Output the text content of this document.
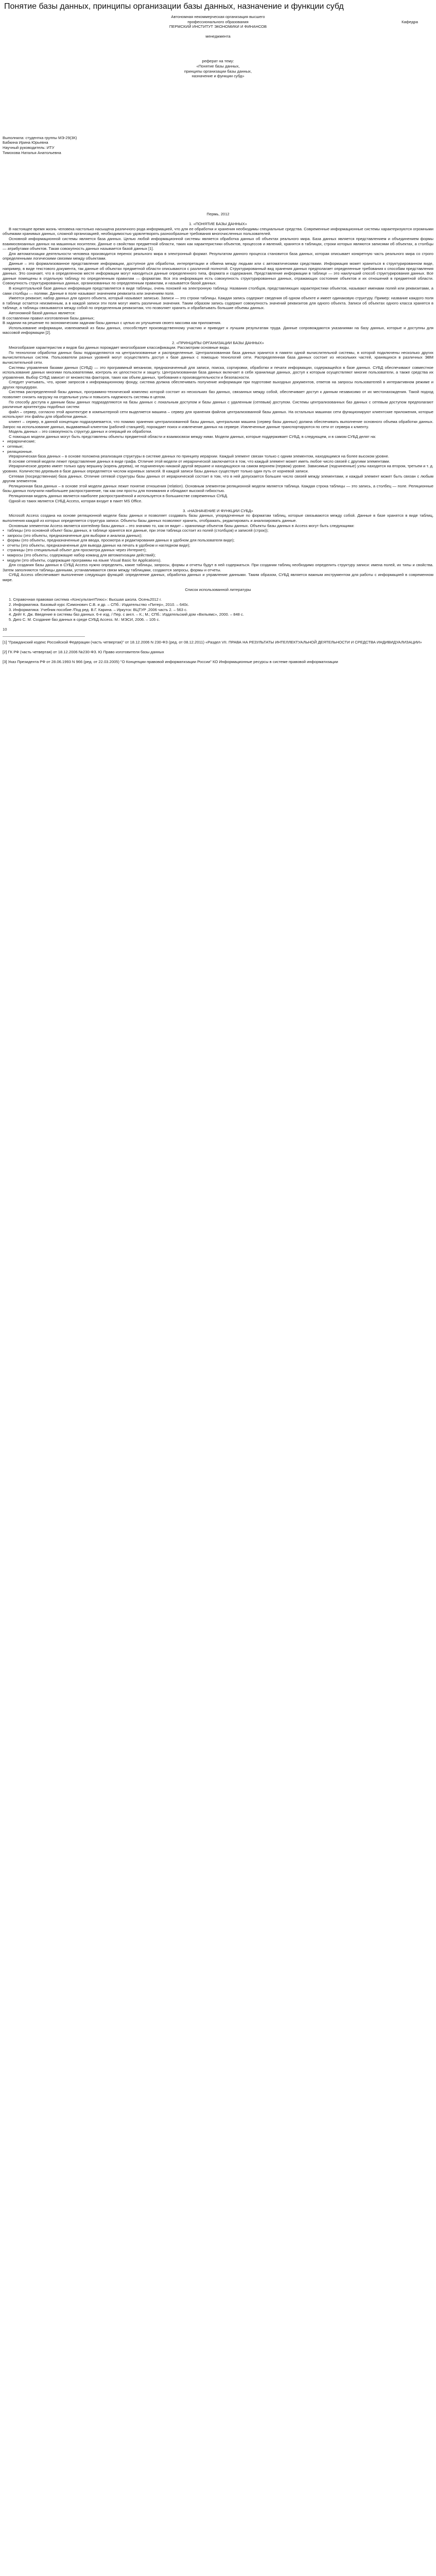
Понятие базы данных, принципы организации базы данных, назначение и функции субд

Автономная некоммерческая организация высшего

профессионального образования	Кафедра

ПЕРМСКИЙ ИНСТИТУТ ЭКОНОМИКИ И ФИНАНСОВ

менеджмента

реферат на тему:

«Понятие базы данных,

принципы организации базы данных,

назначение и функции субд»

Выполнила: студентка группы МЭ-29(3К)

Бабкина Ирина Юрьевна

Научный руководитель: ИТУ

Тимохова Наталья Анатольевна

Пермь, 2012

1. «ПОНЯТИЕ БАЗЫ ДАННЫХ»

В настоящее время жизнь человека настолько насыщена различного рода информацией, что для ее обработки и хранения необходимы специальные средства. Современные информационные системы характеризуются огромными объемами хранимых данных, сложной организацией, необходимостью удовлетворять разнообразные требования многочисленных пользователей.

Основной информационной системы является база данных. Целью любой информационной системы является обработка данных об объектах реального мира. База данных является представлением и объединением формы взаимосвязанных данных на машинных носителях. Данные о свойствах предметной области, таких как характеристики объектов, процессов и явлений, хранятся в таблицах, строки которых являются записями об объектах, а столбцы — атрибутами объектов. Такая совокупность данных называется базой данных [1].

Для автоматизации деятельности человека производится перенос реального мира в электронный формат. Результатом данного процесса становится база данных, которая описывает конкретную часть реального мира со строго определенными логическими связями между объектами.

Данные – это формализованное представление информации, доступное для обработки, интерпретации и обмена между людьми или с автоматическими средствами. Информация может храниться в структурированном виде, например, в виде текстового документа, так данные об объектах предметной области описываются с различной полнотой. Структурированный вид хранения данных предполагает определенные требования к способам представления данных. Это означает, что в определенном месте информации могут находиться данные определенного типа, формата и содержания. Представление информации в таблице — это наилучший способ структурирования данных. Все данные помещены в отдельную таблицу по определенным правилам — форматам. Вся эта информация есть совокупность структурированных данных, отражающих состояние объектов и их отношений в предметной области. Совокупность структурированных данных, организованных по определенным правилам, и называется базой данных.

В концептуальной базе данных информация представляется в виде таблицы, очень похожей на электронную таблицу. Названия столбцов, представляющих характеристики объектов, называют именами полей или реквизитами, а сами столбцы — полями. Данные в поле называют значением реквизита или значением поля.

Имеется реквизит, набор данных для одного объекта, который называют записью. Записи — это строки таблицы. Каждая запись содержит сведения об одном объекте и имеет одинаковую структуру. Пример: название каждого поля в таблице остается неизменным, а в каждой записи эти поля могут иметь различные значения. Таким образом запись содержит совокупность значений реквизитов для одного объекта. Записи об объектах одного класса хранятся в таблице, а таблицы связываются между собой по определенным реквизитам, что позволяет хранить и обрабатывать большие объемы данных.

Автономной базой данных является:

В составлении правил изготовления базы данных;

В задании на решение по экономическим задачам базы данных с целью их улучшения своего массива как приложения.

Использование информации, извлекаемой из базы данных, способствует производственному участию и приводит к лучшим результатам труда. Данные сопровождаются указаниями на базу данных, которые и доступны для массовой информации [2].

2. «ПРИНЦИПЫ ОРГАНИЗАЦИИ БАЗЫ ДАННЫХ»

Многообразие характеристик и видов баз данных порождает многообразие классификации. Рассмотрим основные виды.

По технологии обработки данных базы подразделяются на централизованные и распределенные. Централизованная база данных хранится в памяти одной вычислительной системы, в которой подключены несколько других вычислительных систем. Пользователи разных уровней могут осуществлять доступ к базе данных с помощью технологий сети. Распределенная база данных состоит из нескольких частей, хранящихся в различных ЭВМ вычислительной сети.

Системы управления базами данных (СУБД) — это программный механизм, предназначенный для записи, поиска, сортировки, обработки и печати информации, содержащейся в базе данных. СУБД обеспечивают совместное использование данных многими пользователями, контроль их целостности и защиту. Централизованная база данных включает в себя хранилище данных, доступ к которым осуществляют многие пользователи, а также средства их управления. Выбор СУБД зависит от множества факторов, таких как объем данных, требования к производительности и безопасности.

Следует учитывать, что, кроме запросов к информационному фонду, система должна обеспечивать получение информации при подготовке выходных документов, ответов на запросы пользователей в интерактивном режиме и других процедурах.

Система распределенной базы данных, программно-технический комплекс которой состоит из нескольких баз данных, связанных между собой, обеспечивает доступ к данным независимо от их местонахождения. Такой подход позволяет снизить нагрузку на отдельные узлы и повысить надежность системы в целом.

По способу доступа к данным базы данных подразделяются на базы данных с локальным доступом и базы данных с удаленным (сетевым) доступом. Системы централизованных баз данных с сетевым доступом предполагают различные архитектуры подобных систем:

файл – сервер, согласно этой архитектуре в компьютерной сети выделяется машина – сервер для хранения файлов централизованной базы данных. На остальных машинах сети функционируют клиентские приложения, которые используют эти файлы для обработки данных.

клиент – сервер, в данной концепции подразумевается, что помимо хранения централизованной базы данных, центральная машина (сервер базы данных) должна обеспечивать выполнение основного объема обработки данных. Запрос на использование данных, выдаваемый клиентом (рабочей станцией), порождает поиск и извлечение данных на сервере. Извлеченные данные транспортируются по сети от сервера к клиенту.

Модель данных – это совокупность структур данных и операций их обработки.

С помощью модели данных могут быть представлены объекты предметной области и взаимосвязи между ними. Модели данных, которые поддерживает СУБД, в следующем, и в самом СУБД делят на:

•   иерархические;

•   сетевые;

•   реляционные.

Иерархическая база данных – в основе положена реализация структуры в системе данных по принципу иерархии. Каждый элемент связан только с одним элементом, находящимся на более высоком уровне.

В основе сетевой модели лежит представление данных в виде графа. Отличие этой модели от иерархической заключается в том, что каждый элемент может иметь любое число связей с другими элементами.

Иерархическое дерево имеет только одну вершину (корень дерева), не подчиненную никакой другой вершине и находящуюся на самом верхнем (первом) уровне. Зависимые (подчиненные) узлы находятся на втором, третьем и т. д. уровнях. Количество деревьев в базе данных определяется числом корневых записей. В каждой записи базы данных существует только один путь от корневой записи.

Сетевая (посредственная) база данных. Отличие сетевой структуры базы данных от иерархической состоит в том, что в ней допускается большее число связей между элементами, и каждый элемент может быть связан с любым другим элементом.

Реляционная база данных – в основе этой модели данных лежит понятие отношения (relation). Основным элементом реляционной модели является таблица. Каждая строка таблицы — это запись, а столбец — поле. Реляционные базы данных получили наибольшее распространение, так как они просты для понимания и обладают высокой гибкостью.

Реляционная модель данных является наиболее распространённой и используется в большинстве современных СУБД.

Одной из таких является СУБД Access, которая входит в пакет MS Office.

3. «НАЗНАЧЕНИЕ И ФУНКЦИИ СУБД»

Microsoft Access создана на основе реляционной модели базы данных и позволяет создавать базы данных, упорядоченные по форматам таблиц, которые связываются между собой. Данные в базе хранятся в виде таблиц, выполнения каждой из которых определяется структура записи. Объекты базы данных позволяют хранить, отображать, редактировать и анализировать данные.

Основным элементом Access является контейнер базы данных – это значимо то, как он видит – хранилище объектов базы данных. Объекты базы данных в Access могут быть следующими:

•   таблицы (это основной объект базы данных, в таблице хранятся все данные, при этом таблица состоит из полей (столбцов) и записей (строк));

•   запросы (это объекты, предназначенные для выборки и анализа данных);

•   формы (это объекты, предназначенные для ввода, просмотра и редактирования данных в удобном для пользователя виде);

•   отчеты (это объекты, предназначенные для вывода данных на печать в удобном и наглядном виде);

•   страницы (это специальный объект для просмотра данных через Интернет);

•   макросы (это объекты, содержащие набор команд для автоматизации действий);

•   модули (это объекты, содержащие программы на языке Visual Basic for Applications).

Для создания базы данных в СУБД Access нужно определить, какие таблицы, запросы, формы и отчеты будут в ней содержаться. При создании таблиц необходимо определить структуру записи: имена полей, их типы и свойства. Затем заполняются таблицы данными, устанавливаются связи между таблицами, создаются запросы, формы и отчеты.

СУБД Access обеспечивает выполнение следующих функций: определение данных, обработка данных и управление данными. Таким образом, СУБД является важным инструментом для работы с информацией в современном мире.

Список использованной литературы

1. Справочная правовая система «КонсультантПлюс»: Высшая школа. Осень2012 г.

2. Информатика. Базовый курс /Симонович С.В. и др. – СПб.: Издательство «Питер», 2010. – 640с.

3. Информатика: Учебник пособие /Под ред. В.Г. Карина. – Иркутск: ВЦТУР ,2006 часть 2. – 563 с.

4. Дейт К. Дж. Введение в системы баз данных. 6-е изд. / Пер. с англ. – К.; М.; СПб.: Издательский дом «Вильямс», 2000. – 848 с.

5. Диго С. М. Создание баз данных в среде СУБД Access. М.: МЭСИ, 2006. – 105 с.

10

[1] "Гражданский кодекс Российской Федерации (часть четвертая)" от 18.12.2006 N 230-ФЗ (ред. от 08.12.2011) «Раздел VII. ПРАВА НА РЕЗУЛЬТАТЫ ИНТЕЛЛЕКТУАЛЬНОЙ ДЕЯТЕЛЬНОСТИ И СРЕДСТВА ИНДИВИДУАЛИЗАЦИИ»

[2] ГК РФ (часть четвертая) от 18.12.2006 №230-ФЗ. Ю Право изготовителя базы данных

[3] Указ Президента РФ от 28.06.1993 N 966 (ред. от 22.03.2005) "О Концепции правовой информатизации России" КО Информационные ресурсы в системе правовой информатизации
